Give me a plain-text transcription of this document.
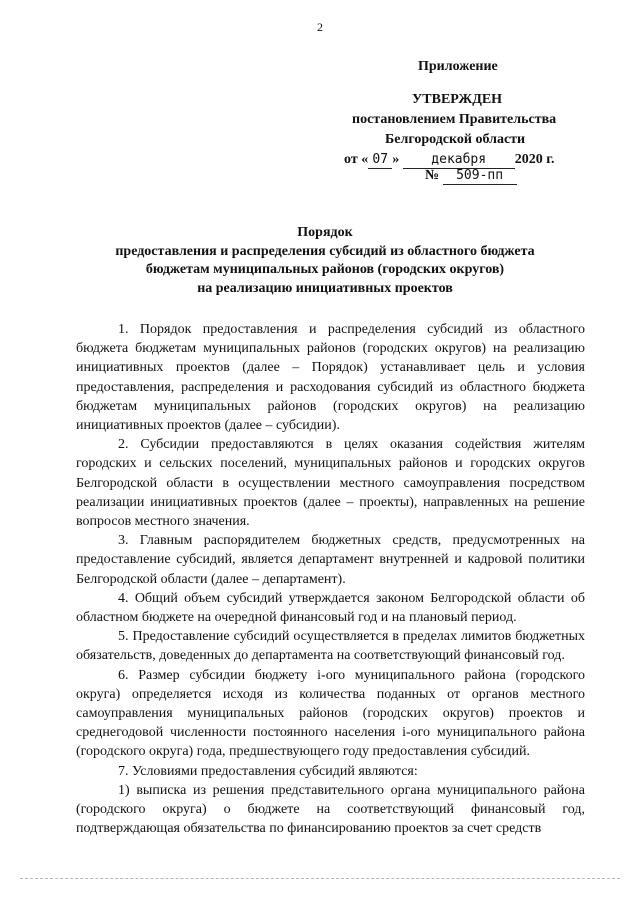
2
Приложение
УТВЕРЖДЕН
постановлением Правительства
Белгородской области
от « 07 » декабря 2020 г.
№ 509-пп
Порядок
предоставления и распределения субсидий из областного бюджета
бюджетам муниципальных районов (городских округов)
на реализацию инициативных проектов

1. Порядок предоставления и распределения субсидий из областного бюджета бюджетам муниципальных районов (городских округов) на реализацию инициативных проектов (далее – Порядок) устанавливает цель и условия предоставления, распределения и расходования субсидий из областного бюджета бюджетам муниципальных районов (городских округов) на реализацию инициативных проектов (далее – субсидии).

2. Субсидии предоставляются в целях оказания содействия жителям городских и сельских поселений, муниципальных районов и городских округов Белгородской области в осуществлении местного самоуправления посредством реализации инициативных проектов (далее – проекты), направленных на решение вопросов местного значения.

3. Главным распорядителем бюджетных средств, предусмотренных на предоставление субсидий, является департамент внутренней и кадровой политики Белгородской области (далее – департамент).

4. Общий объем субсидий утверждается законом Белгородской области об областном бюджете на очередной финансовый год и на плановый период.

5. Предоставление субсидий осуществляется в пределах лимитов бюджетных обязательств, доведенных до департамента на соответствующий финансовый год.

6. Размер субсидии бюджету i-ого муниципального района (городского округа) определяется исходя из количества поданных от органов местного самоуправления муниципальных районов (городских округов) проектов и среднегодовой численности постоянного населения i-ого муниципального района (городского округа) года, предшествующего году предоставления субсидий.

7. Условиями предоставления субсидий являются:

1) выписка из решения представительного органа муниципального района (городского округа) о бюджете на соответствующий финансовый год, подтверждающая обязательства по финансированию проектов за счет средств
